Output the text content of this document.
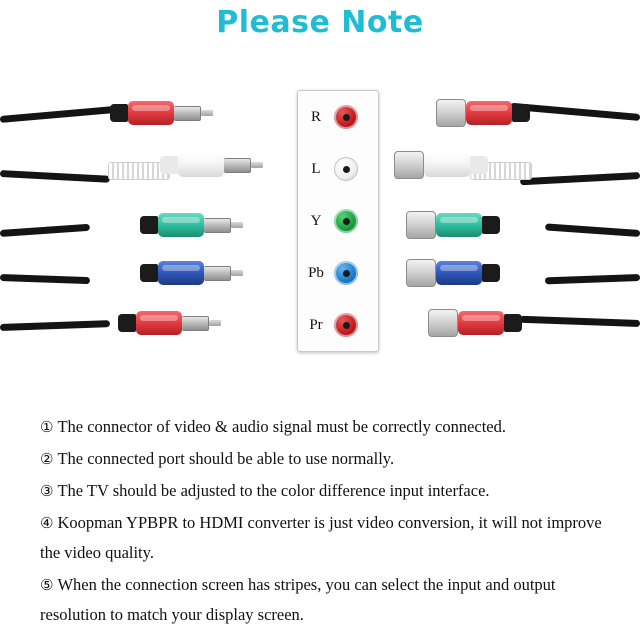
Please Note
R
L
Y
Pb
Pr
① The connector of video & audio signal must be correctly connected.
② The connected port should be able to use normally.
③ The TV should be adjusted to the color difference input interface.
④ Koopman YPBPR to HDMI converter is just video conversion, it will not improve the video quality.
⑤ When the connection screen has stripes, you can select the input and output resolution to match your display screen.
